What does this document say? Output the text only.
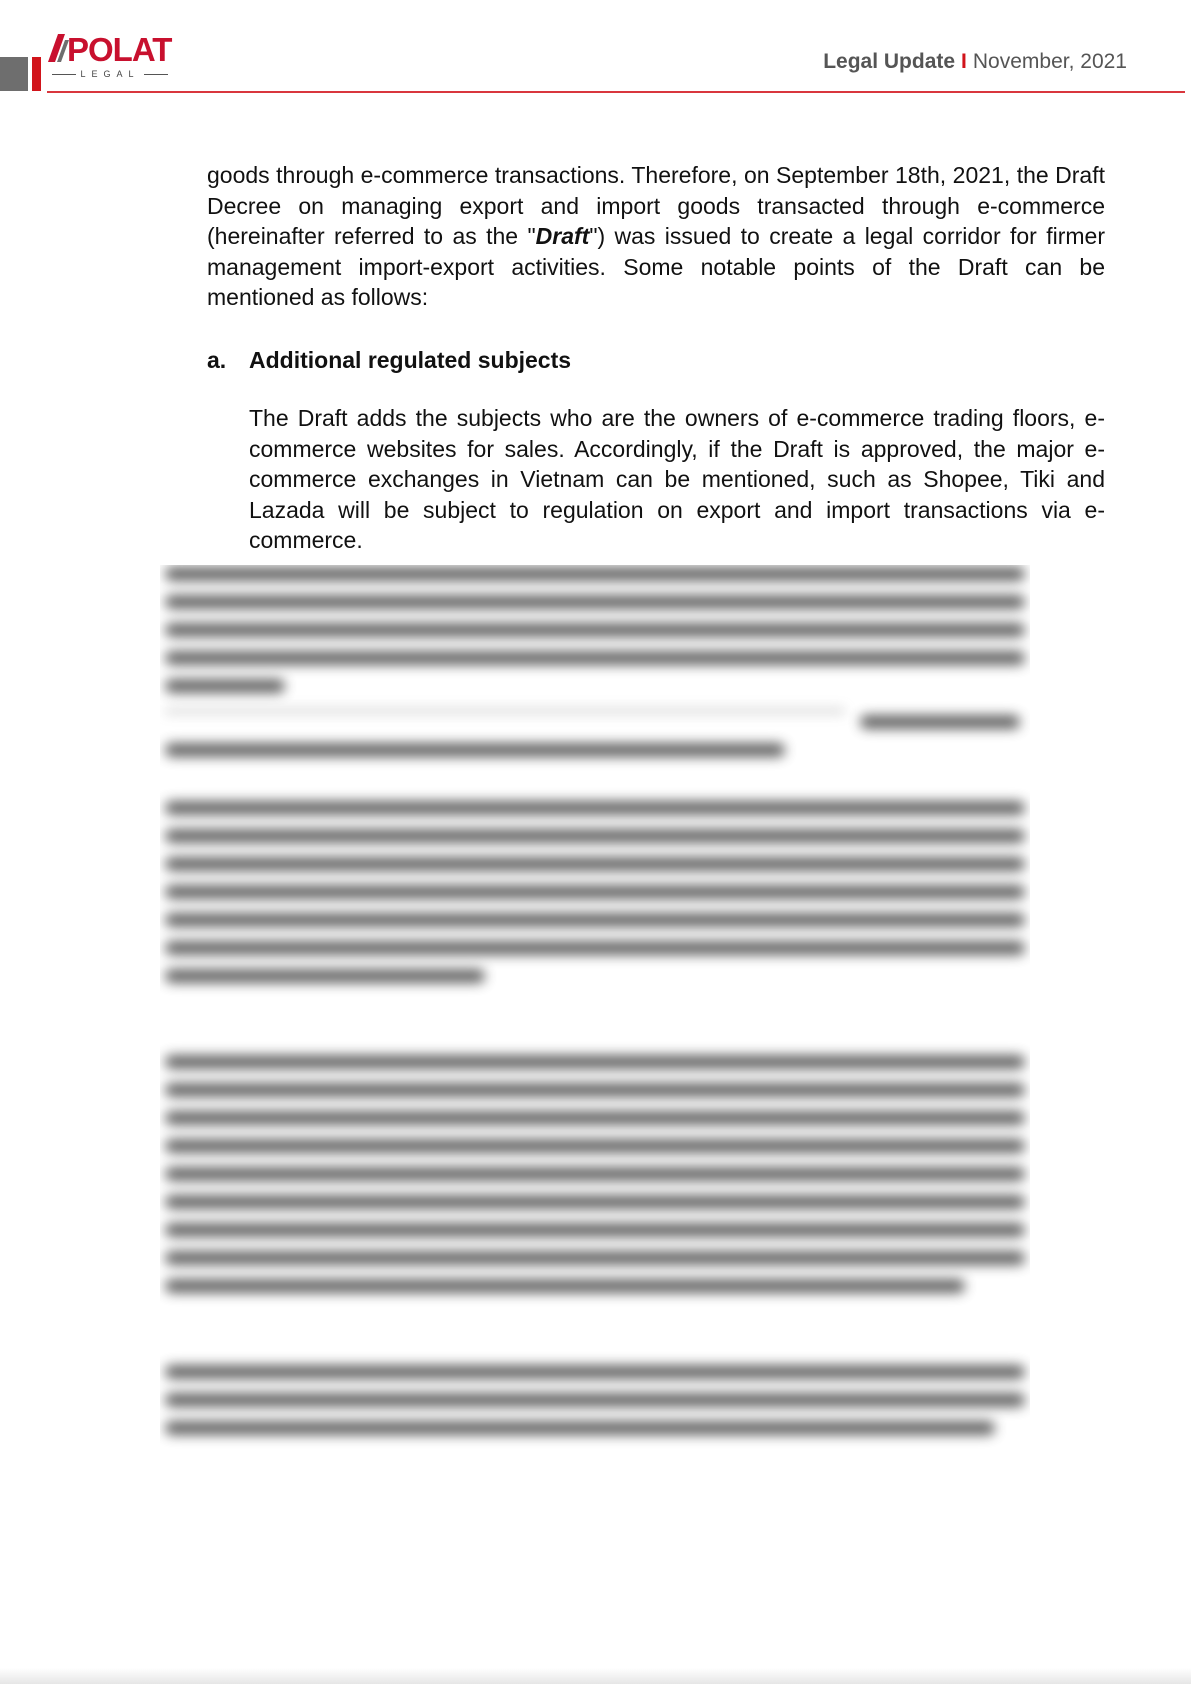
POLAT
LEGAL
Legal Update I November, 2021
goods through e-commerce transactions. Therefore, on September 18th, 2021, the Draft Decree on managing export and import goods transacted through e-commerce (hereinafter referred to as the "Draft") was issued to create a legal corridor for firmer management import-export activities. Some notable points of the Draft can be mentioned as follows:
a. Additional regulated subjects
The Draft adds the subjects who are the owners of e-commerce trading floors, e-commerce websites for sales. Accordingly, if the Draft is approved, the major e-commerce exchanges in Vietnam can be mentioned, such as Shopee, Tiki and Lazada will be subject to regulation on export and import transactions via e-commerce.
